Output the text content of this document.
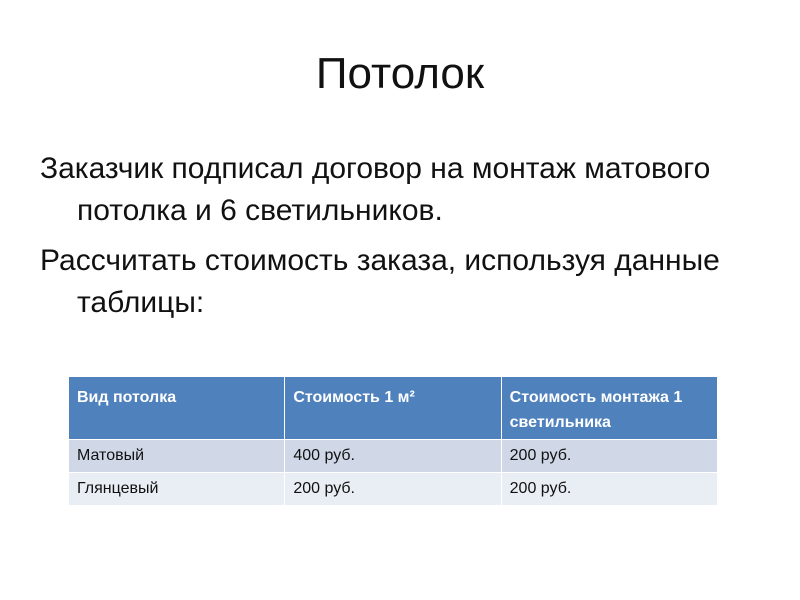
Потолок

Заказчик подписал договор на монтаж матового потолка и 6 светильников.

Рассчитать стоимость заказа, используя данные таблицы:

Вид потолка	Стоимость 1 м²	Стоимость монтажа 1 светильника
Матовый	400 руб.	200 руб.
Глянцевый	200 руб.	200 руб.
